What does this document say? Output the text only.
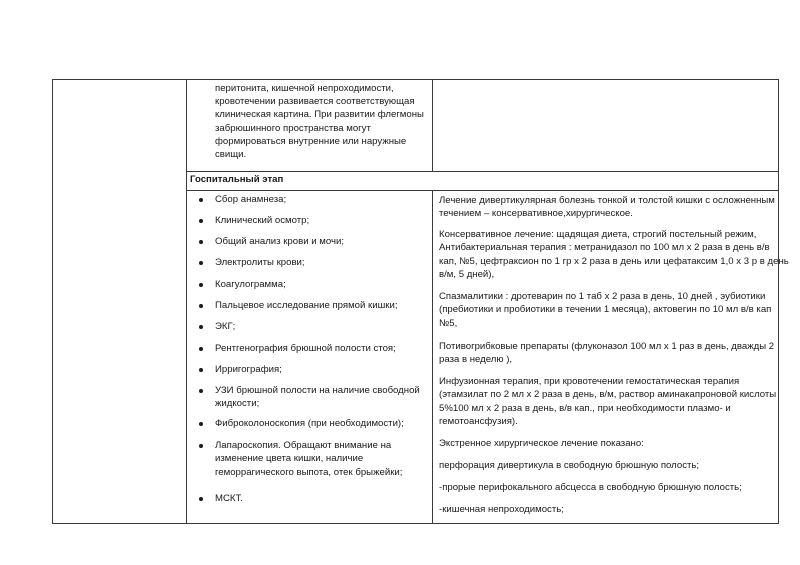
перитонита, кишечной непроходимости,
кровотечении развивается соответствующая
клиническая картина. При развитии флегмоны
забрюшинного пространства могут
формироваться внутренние или наружные
свищи.
Госпитальный этап
Сбор анамнеза;
Клинический осмотр;
Общий анализ крови и мочи;
Электролиты крови;
Коагулограмма;
Пальцевое исследование прямой кишки;
ЭКГ;
Рентгенография брюшной полости стоя;
Ирригография;
УЗИ брюшной полости на наличие свободной
жидкости;
Фиброколоноскопия (при необходимости);
Лапароскопия. Обращают внимание на
изменение цвета кишки, наличие
геморрагического выпота, отек брыжейки;
МСКТ.
Лечение дивертикулярная болезнь тонкой и толстой кишки с осложненным
течением – консервативное,хирургическое.
Консервативное лечение: щадящая диета, строгий постельный режим,
Антибактериальная терапия : метранидазол по 100 мл х 2 раза в день в/в
кап, №5, цефтраксион по 1 гр х 2 раза в день или цефатаксим 1,0 х 3 р в день
в/м, 5 дней),
Спазмалитики : дротеварин по 1 таб х 2 раза в день, 10 дней , эубиотики
(пребиотики и пробиотики в течении 1 месяца), актовегин по 10 мл в/в кап
№5,
Потивогрибковые препараты (флуконазол 100 мл х 1 раз в день, дважды 2
раза в неделю ),
Инфузионная терапия, при кровотечении гемостатическая терапия
(этамзилат по 2 мл х 2 раза в день, в/м, раствор аминакапроновой кислоты
5%100 мл х 2 раза в день, в/в кап., при необходимости плазмо- и
гемотоансфузия).
Экстренное хирургическое лечение показано:
перфорация дивертикула в свободную брюшную полость;
-прорые перифокального абсцесса в свободную брюшную полость;
-кишечная непроходимость;
